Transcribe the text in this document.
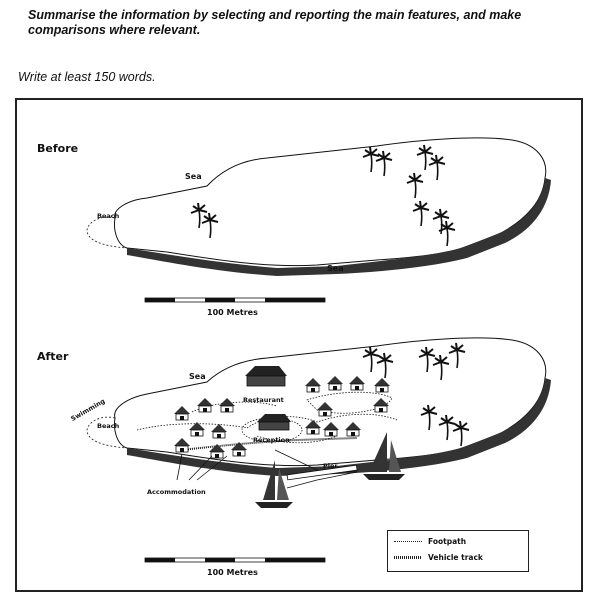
Summarise the information by selecting and reporting the main features, and make comparisons where relevant.
Write at least 150 words.
Before
Sea
Beach
Sea
100 Metres
After
Sea
Swimming
Beach
Restaurant
Reception
Pier
Accommodation
100 Metres
Footpath
Vehicle track
